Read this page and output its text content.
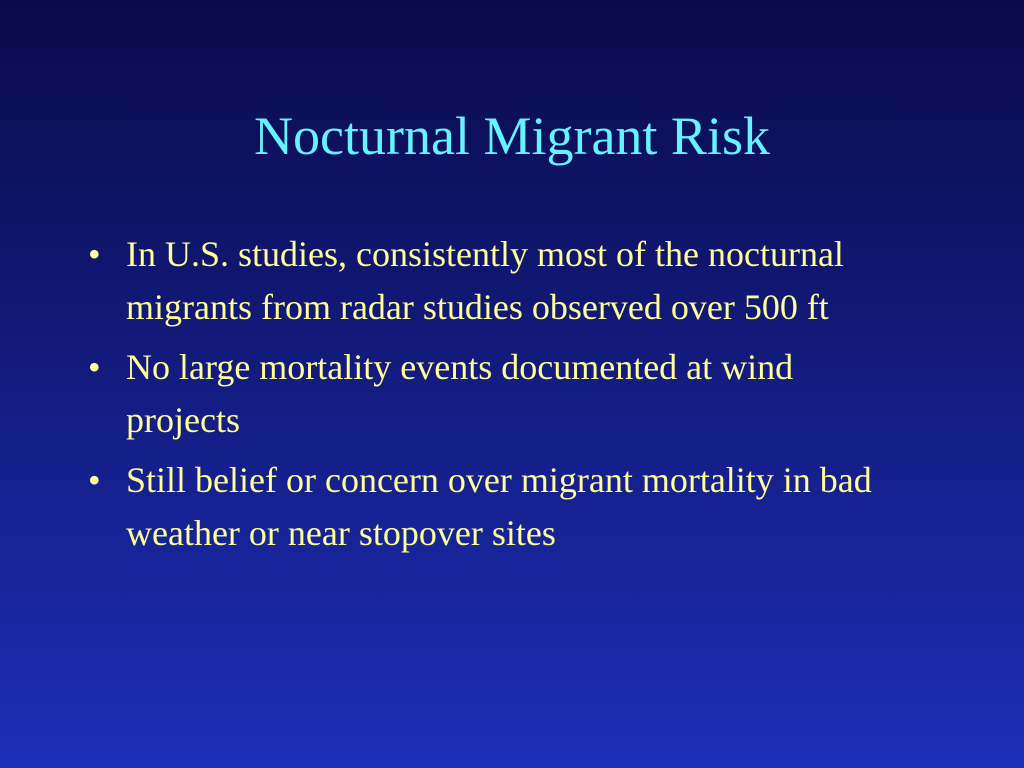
Nocturnal Migrant Risk
• In U.S. studies, consistently most of the nocturnal migrants from radar studies observed over 500 ft
• No large mortality events documented at wind projects
• Still belief or concern over migrant mortality in bad weather or near stopover sites
